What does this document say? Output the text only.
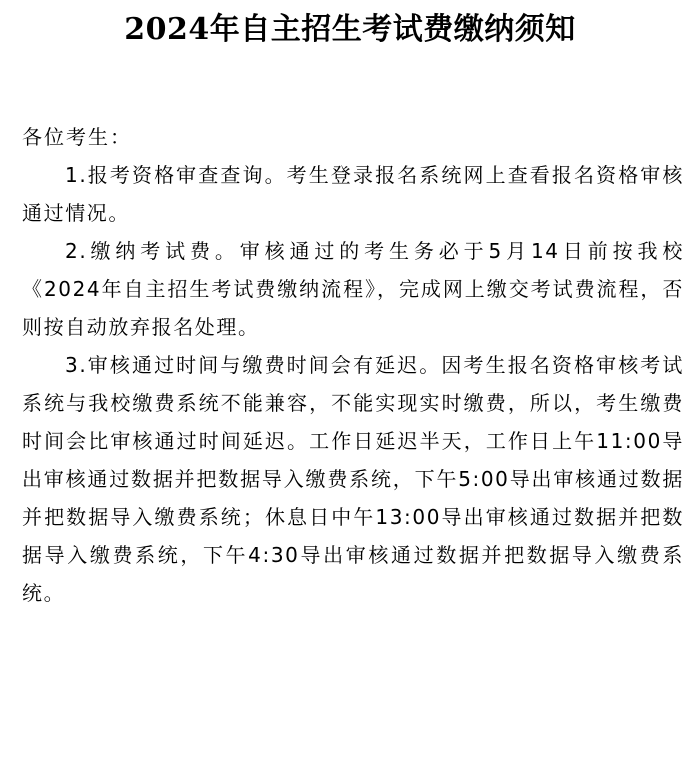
2024年自主招生考试费缴纳须知

各位考生：

1.报考资格审查查询。考生登录报名系统网上查看报名资格审核通过情况。

2.缴纳考试费。审核通过的考生务必于5月14日前按我校《2024年自主招生考试费缴纳流程》，完成网上缴交考试费流程，否则按自动放弃报名处理。

3.审核通过时间与缴费时间会有延迟。因考生报名资格审核考试系统与我校缴费系统不能兼容，不能实现实时缴费，所以，考生缴费时间会比审核通过时间延迟。工作日延迟半天，工作日上午11:00导出审核通过数据并把数据导入缴费系统，下午5:00导出审核通过数据并把数据导入缴费系统；休息日中午13:00导出审核通过数据并把数据导入缴费系统，下午4:30导出审核通过数据并把数据导入缴费系统。
